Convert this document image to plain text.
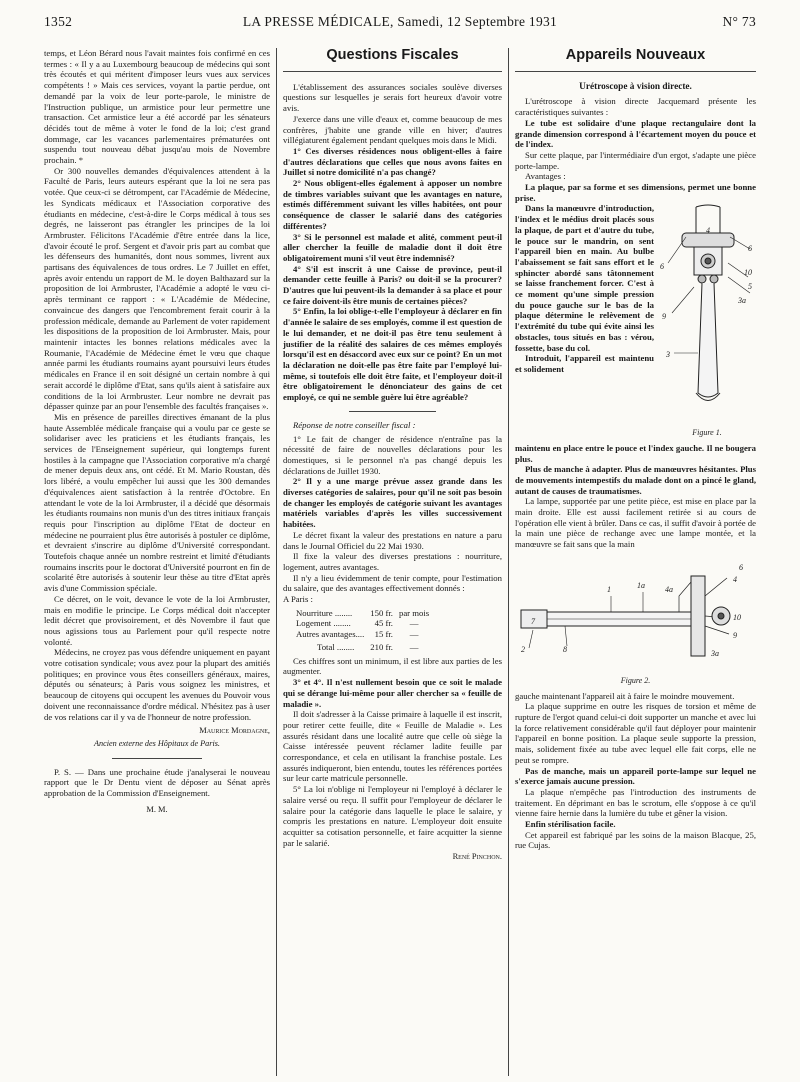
1352	LA PRESSE MÉDICALE, Samedi, 12 Septembre 1931	N° 73

temps, et Léon Bérard nous l'avait maintes fois confirmé en ces termes : « Il y a au Luxembourg beaucoup de médecins qui sont très écoutés et qui méritent d'imposer leurs vues aux services compétents ! » Mais ces services, voyant la partie perdue, ont demandé par la voix de leur porte-parole, le ministre de l'Instruction publique, un armistice pour leur permettre une transaction. Cet armistice leur a été accordé par les sénateurs décidés tout de même à voter le fond de la loi; c'est grand dommage, car les vacances parlementaires prématurées ont suspendu tout nouveau débat jusqu'au mois de Novembre prochain. *

Or 300 nouvelles demandes d'équivalences attendent à la Faculté de Paris, leurs auteurs espérant que la loi ne sera pas votée. Que ceux-ci se détrompent, car l'Académie de Médecine, les Syndicats médicaux et l'Association corporative des étudiants en médecine, c'est-à-dire le Corps médical à tous ses degrés, ne laisseront pas étrangler les principes de la loi Armbruster. Félicitons l'Académie d'être entrée dans la lice, d'avoir écouté le prof. Sergent et d'avoir pris part au combat que les défenseurs des humanités, dont nous sommes, livrent aux partisans des équivalences de tous ordres. Le 7 Juillet en effet, après avoir entendu un rapport de M. le doyen Balthazard sur la proposition de loi Armbruster, l'Académie a adopté le vœu ci-après terminant ce rapport : « L'Académie de Médecine, convaincue des dangers que l'encombrement ferait courir à la profession médicale, demande au Parlement de voter rapidement les dispositions de la proposition de loi Armbruster. Mais, pour maintenir intactes les bonnes relations médicales avec la Roumanie, l'Académie de Médecine émet le vœu que chaque année parmi les étudiants roumains ayant poursuivi leurs études médicales en France il en soit désigné un certain nombre à qui serait accordé le diplôme d'Etat, sans qu'ils aient à satisfaire aux conditions de la loi Armbruster. Leur nombre ne devrait pas dépasser quinze par an pour l'ensemble des facultés françaises ».

Mis en présence de pareilles directives émanant de la plus haute Assemblée médicale française qui a voulu par ce geste se solidariser avec les praticiens et les étudiants français, les services de l'Enseignement supérieur, qui longtemps furent hostiles à la campagne que l'Association corporative m'a chargé de mener depuis deux ans, ont cédé. Et M. Mario Roustan, dès lors libéré, a voulu empêcher lui aussi que les 300 demandes d'équivalences aient satisfaction à la rentrée d'Octobre. En attendant le vote de la loi Armbruster, il a décidé que désormais les étudiants roumains non munis d'un des titres initiaux français requis pour l'inscription au diplôme l'Etat de docteur en médecine ne pourraient plus être autorisés à postuler ce diplôme, et devraient s'inscrire au diplôme d'Université correspondant. Toutefois chaque année un nombre restreint et limité d'étudiants roumains inscrits pour le doctorat d'Université pourront en fin de scolarité être autorisés à soutenir leur thèse au titre d'Etat après avis d'une Commission spéciale.

Ce décret, on le voit, devance le vote de la loi Armbruster, mais en modifie le principe. Le Corps médical doit n'accepter ledit décret que provisoirement, et dès Novembre il faut que nous agissions tous au Parlement pour qu'il respecte notre volonté.

Médecins, ne croyez pas vous défendre uniquement en payant votre cotisation syndicale; vous avez pour la plupart des amitiés politiques; en province vous êtes conseillers généraux, maires, députés ou sénateurs; à Paris vous soignez les ministres, et beaucoup de citoyens qui occupent les avenues du Pouvoir vous doivent une reconnaissance d'ordre médical. N'hésitez pas à user de vos relations car il y va de l'honneur de notre profession.

Maurice Mordagne,
Ancien externe des Hôpitaux de Paris.

P. S. — Dans une prochaine étude j'analyserai le nouveau rapport que le Dr Dentu vient de déposer au Sénat après approbation de la Commission d'Enseignement.

M. M.
Questions Fiscales

L'établissement des assurances sociales soulève diverses questions sur lesquelles je serais fort heureux d'avoir votre avis.

J'exerce dans une ville d'eaux et, comme beaucoup de mes confrères, j'habite une grande ville en hiver; d'autres villégiaturent également pendant quelques mois dans le Midi.

1° Ces diverses résidences nous obligent-elles à faire d'autres déclarations que celles que nous avons faites en Juillet si notre domicilité n'a pas changé?

2° Nous obligent-elles également à apposer un nombre de timbres variables suivant que les avantages en nature, estimés différemment suivant les villes habitées, ont pour conséquence de classer le salarié dans des catégories différentes?

3° Si le personnel est malade et alité, comment peut-il aller chercher la feuille de maladie dont il doit être obligatoirement muni s'il veut être indemnisé?

4° S'il est inscrit à une Caisse de province, peut-il demander cette feuille à Paris? ou doit-il se la procurer? D'autres que lui peuvent-ils la demander à sa place et pour ce faire doivent-ils être munis de certaines pièces?

5° Enfin, la loi oblige-t-elle l'employeur à déclarer en fin d'année le salaire de ses employés, comme il est question de le lui demander, et ne doit-il pas être tenu seulement à justifier de la réalité des salaires de ces mêmes employés lorsqu'il est en désaccord avec eux sur ce point? En un mot la déclaration ne doit-elle pas être faite par l'employé lui-même, si toutefois elle doit être faite, et l'employeur doit-il être obligatoirement le dénonciateur des gains de cet employé, ce qui ne semble guère lui être agréable?

Réponse de notre conseiller fiscal :

1° Le fait de changer de résidence n'entraîne pas la nécessité de faire de nouvelles déclarations pour les domestiques, si le personnel n'a pas changé depuis les déclarations de Juillet 1930.

2° Il y a une marge prévue assez grande dans les diverses catégories de salaires, pour qu'il ne soit pas besoin de changer les employés de catégorie suivant les avantages matériels variables d'après les villes successivement habitées.

Le décret fixant la valeur des prestations en nature a paru dans le Journal Officiel du 22 Mai 1930.

Il fixe la valeur des diverses prestations : nourriture, logement, autres avantages.

Il n'y a lieu évidemment de tenir compte, pour l'estimation du salaire, que des avantages effectivement donnés :

A Paris :

Nourriture ........	150 fr.	par mois
Logement ........	45 fr.	—
Autres avantages....	15 fr.	—
Total ........	210 fr.	—

Ces chiffres sont un minimum, il est libre aux parties de les augmenter.

3° et 4°. Il n'est nullement besoin que ce soit le malade qui se dérange lui-même pour aller chercher sa « feuille de maladie ».

Il doit s'adresser à la Caisse primaire à laquelle il est inscrit, pour retirer cette feuille, dite « Feuille de Maladie ». Les assurés résidant dans une localité autre que celle où siège la Caisse intéressée peuvent réclamer ladite feuille par correspondance, et cela en utilisant la franchise postale. Les assurés indiqueront, bien entendu, toutes les références portées sur leur carte matricule personnelle.

5° La loi n'oblige ni l'employeur ni l'employé à déclarer le salaire versé ou reçu. Il suffit pour l'employeur de déclarer le salaire pour la catégorie dans laquelle le place le salaire, y compris les prestations en nature. L'employeur doit ensuite acquitter sa cotisation personnelle, et faire acquitter la sienne par le salarié.

René Pinchon.
Appareils Nouveaux
Urétroscope à vision directe.

L'urétroscope à vision directe Jacquemard présente les caractéristiques suivantes :

Le tube est solidaire d'une plaque rectangulaire dont la grande dimension correspond à l'écartement moyen du pouce et de l'index.

Sur cette plaque, par l'intermédiaire d'un ergot, s'adapte une pièce porte-lampe.

Avantages :

La plaque, par sa forme et ses dimensions, permet une bonne prise.

Dans la manœuvre d'introduction, l'index et le médius droit placés sous la plaque, de part et d'autre du tube, le pouce sur le mandrin, on sent l'appareil bien en main. Au bulbe l'abaissement se fait sans effort et le sphincter abordé sans tâtonnement se laisse franchement forcer. C'est à ce moment qu'une simple pression du pouce gauche sur le bas de la plaque détermine le relèvement de l'extrémité du tube qui évite ainsi les obstacles, tous situés en bas : vérou, fossette, base du col.

Introduit, l'appareil est maintenu et solidement

4
6
6
10
5
9
3a
3
Figure 1.

maintenu en place entre le pouce et l'index gauche. Il ne bougera plus.

Plus de manche à adapter. Plus de manœuvres hésitantes. Plus de mouvements intempestifs du malade dont on a pincé le gland, autant de causes de traumatismes.

La lampe, supportée par une petite pièce, est mise en place par la main droite. Elle est aussi facilement retirée si au cours de l'opération elle vient à brûler. Dans ce cas, il suffit d'avoir à portée de la main une pièce de rechange avec une lampe montée, et la manœuvre se fait sans que la main

6
4
10
9
3a
4a
1a
1
2
7
8
Figure 2.

gauche maintenant l'appareil ait à faire le moindre mouvement.

La plaque supprime en outre les risques de torsion et même de rupture de l'ergot quand celui-ci doit supporter un manche et avec lui la force relativement considérable qu'il faut déployer pour maintenir l'appareil en bonne position. La plaque seule supporte la pression, mais, solidement fixée au tube avec lequel elle fait corps, elle ne peut se rompre.

Pas de manche, mais un appareil porte-lampe sur lequel ne s'exerce jamais aucune pression.

La plaque n'empêche pas l'introduction des instruments de traitement. En déprimant en bas le scrotum, elle s'oppose à ce qu'il vienne faire hernie dans la lumière du tube et gêner la vision.

Enfin stérilisation facile.

Cet appareil est fabriqué par les soins de la maison Blacque, 25, rue Cujas.
